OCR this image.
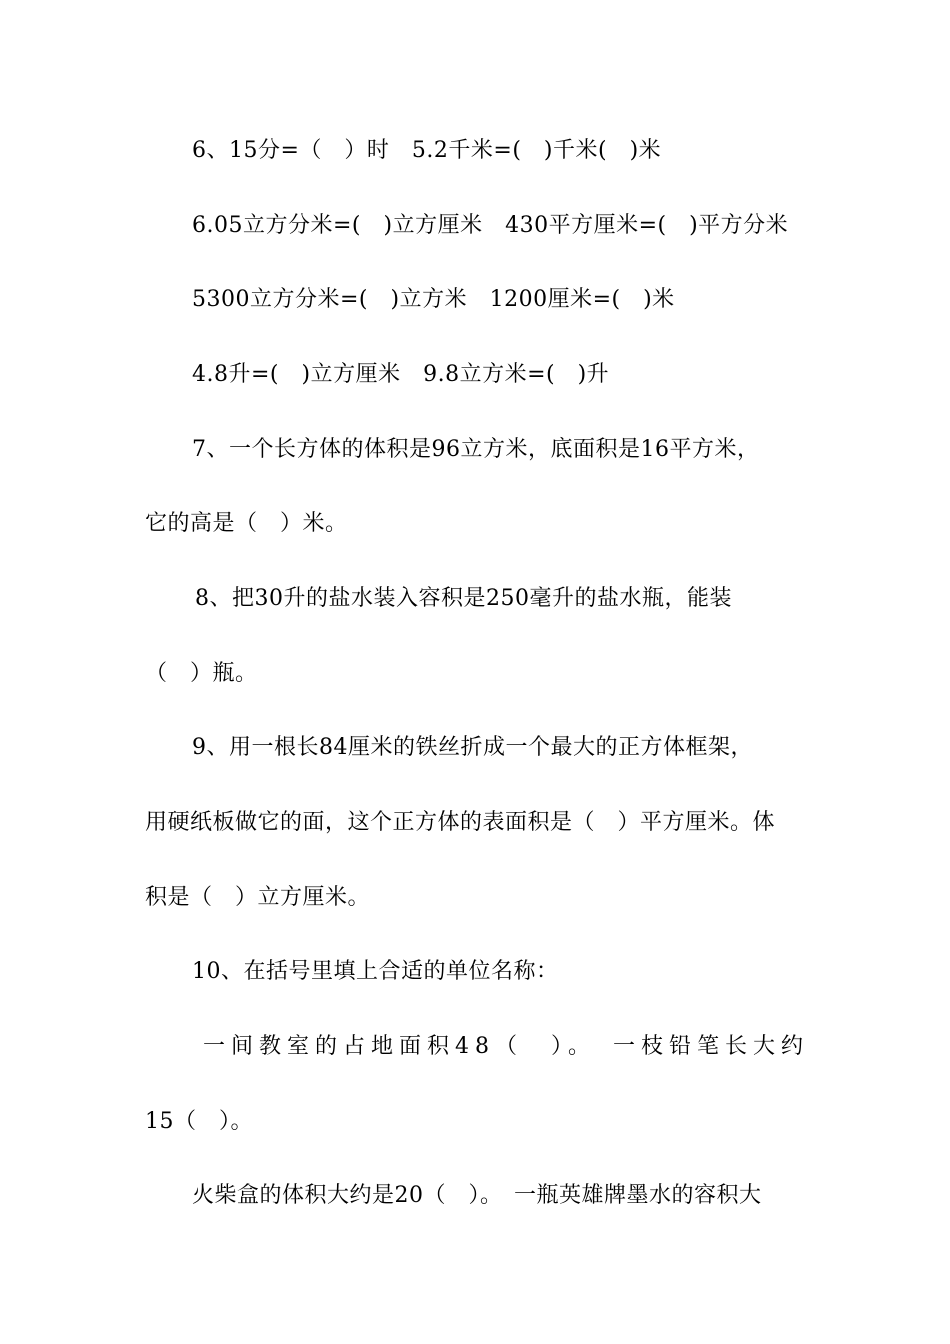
6、15分=（　）时　5.2千米=(　)千米(　)米
6.05立方分米=(　)立方厘米　430平方厘米=(　)平方分米
5300立方分米=(　)立方米　1200厘米=(　)米
4.8升=(　)立方厘米　9.8立方米=(　)升
7、一个长方体的体积是96立方米，底面积是16平方米，
它的高是（　）米。
8、把30升的盐水装入容积是250毫升的盐水瓶，能装
（　）瓶。
9、用一根长84厘米的铁丝折成一个最大的正方体框架，
用硬纸板做它的面，这个正方体的表面积是（　）平方厘米。体
积是（　）立方厘米。
10、在括号里填上合适的单位名称：
一间教室的占地面积48（　）。　一枝铅笔长大约
15（　）。
火柴盒的体积大约是20（　）。　一瓶英雄牌墨水的容积大
